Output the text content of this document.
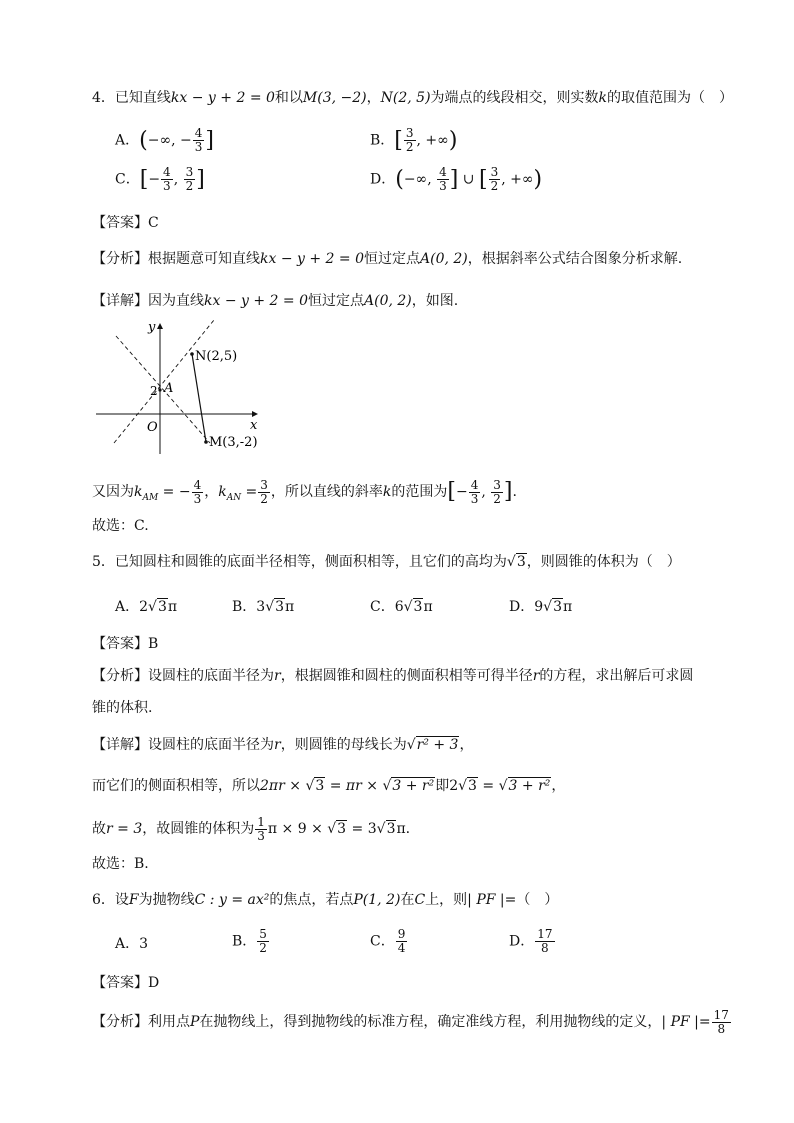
4．已知直线kx − y + 2 = 0和以M(3, −2)，N(2, 5)为端点的线段相交，则实数k的取值范围为（　）
A．(−∞, − $\frac{4}{3}$ ]	B．[ $\frac{3}{2}$ , +∞)
C．[− $\frac{4}{3}$ , $\frac{3}{2}$ ]	D．(−∞, $\frac{4}{3}$ ] ∪ [ $\frac{3}{2}$ , +∞)
【答案】C
【分析】根据题意可知直线kx − y + 2 = 0恒过定点A(0, 2)，根据斜率公式结合图象分析求解.
【详解】因为直线kx − y + 2 = 0恒过定点A(0, 2)，如图.
y
x
O
2 A
N(2,5)
M(3,-2)
又因为$k_{AM}$ = − $\frac{4}{3}$ ，$k_{AN} = \frac{3}{2}$ ，所以直线的斜率k的范围为[− $\frac{4}{3}$ , $\frac{3}{2}$ ].
故选：C.
5．已知圆柱和圆锥的底面半径相等，侧面积相等，且它们的高均为√3，则圆锥的体积为（　）
A．2√3π	B．3√3π	C．6√3π	D．9√3π
【答案】B
【分析】设圆柱的底面半径为r，根据圆锥和圆柱的侧面积相等可得半径r的方程，求出解后可求圆
锥的体积.
【详解】设圆柱的底面半径为r，则圆锥的母线长为√r² + 3，
而它们的侧面积相等，所以2πr × √3 = πr × √3 + r²即2√3 = √3 + r²，
故r = 3，故圆锥的体积为 $\frac{1}{3}$ π × 9 × √3 = 3√3π.
故选：B.
6．设F为抛物线C : y = ax²的焦点，若点P(1, 2)在C上，则| PF |=（　）
A．3	B． $\frac{5}{2}$	C． $\frac{9}{4}$	D． $\frac{17}{8}$
【答案】D
【分析】利用点P在抛物线上，得到抛物线的标准方程，确定准线方程，利用抛物线的定义，| PF |= $\frac{17}{8}$
